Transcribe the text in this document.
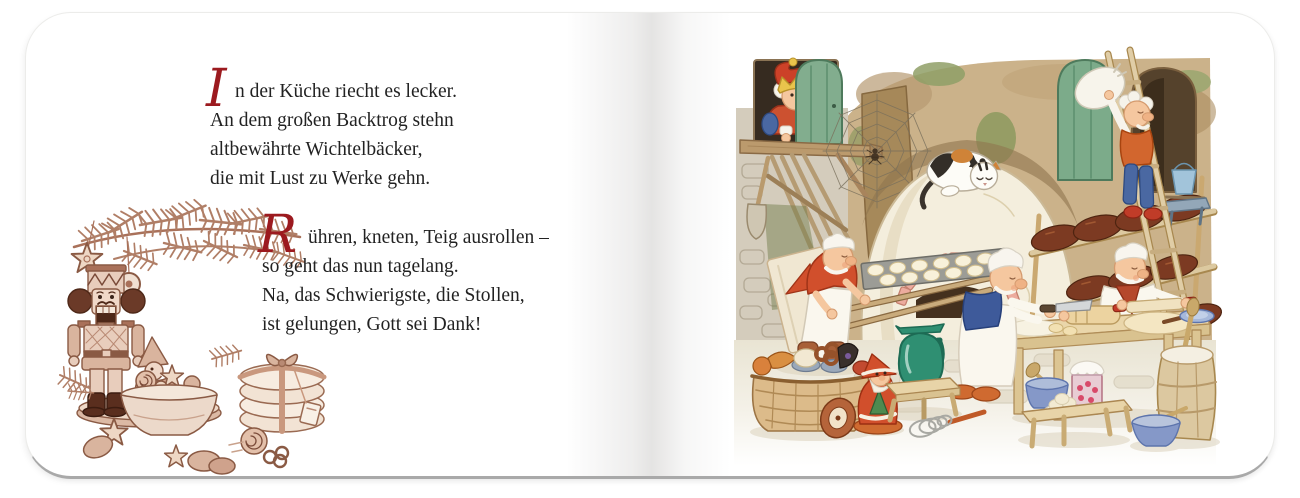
I n der Küche riecht es lecker.
An dem großen Backtrog stehn
altbewährte Wichtelbäcker,
die mit Lust zu Werke gehn.
R ühren, kneten, Teig ausrollen –
so geht das nun tagelang.
Na, das Schwierigste, die Stollen,
ist gelungen, Gott sei Dank!
